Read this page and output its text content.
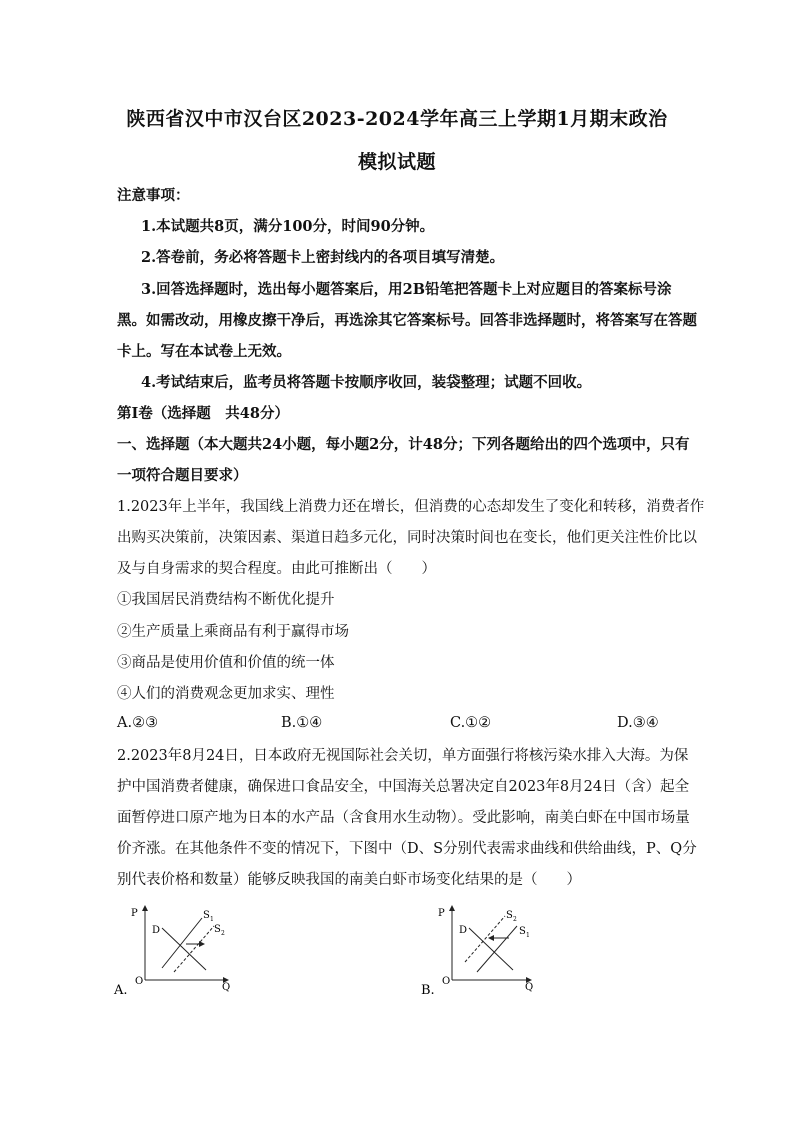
陕西省汉中市汉台区2023-2024学年高三上学期1月期末政治
模拟试题
注意事项：
1.本试题共8页，满分100分，时间90分钟。
2.答卷前，务必将答题卡上密封线内的各项目填写清楚。
3.回答选择题时，选出每小题答案后，用2B铅笔把答题卡上对应题目的答案标号涂
黑。如需改动，用橡皮擦干净后，再选涂其它答案标号。回答非选择题时，将答案写在答题
卡上。写在本试卷上无效。
4.考试结束后，监考员将答题卡按顺序收回，装袋整理；试题不回收。
第Ⅰ卷（选择题　共48分）
一、选择题（本大题共24小题，每小题2分，计48分；下列各题给出的四个选项中，只有
一项符合题目要求）
1.2023年上半年，我国线上消费力还在增长，但消费的心态却发生了变化和转移，消费者作
出购买决策前，决策因素、渠道日趋多元化，同时决策时间也在变长，他们更关注性价比以
及与自身需求的契合程度。由此可推断出（　　）
①我国居民消费结构不断优化提升
②生产质量上乘商品有利于赢得市场
③商品是使用价值和价值的统一体
④人们的消费观念更加求实、理性
A.②③	B.①④	C.①②	D.③④
2.2023年8月24日，日本政府无视国际社会关切，单方面强行将核污染水排入大海。为保
护中国消费者健康，确保进口食品安全，中国海关总署决定自2023年8月24日（含）起全
面暂停进口原产地为日本的水产品（含食用水生动物）。受此影响，南美白虾在中国市场量
价齐涨。在其他条件不变的情况下，下图中（D、S分别代表需求曲线和供给曲线，P、Q分
别代表价格和数量）能够反映我国的南美白虾市场变化结果的是（　　）
A.
P
O
Q
D
S 1
S 2
B.
P
O
Q
D
S 2
S 1
